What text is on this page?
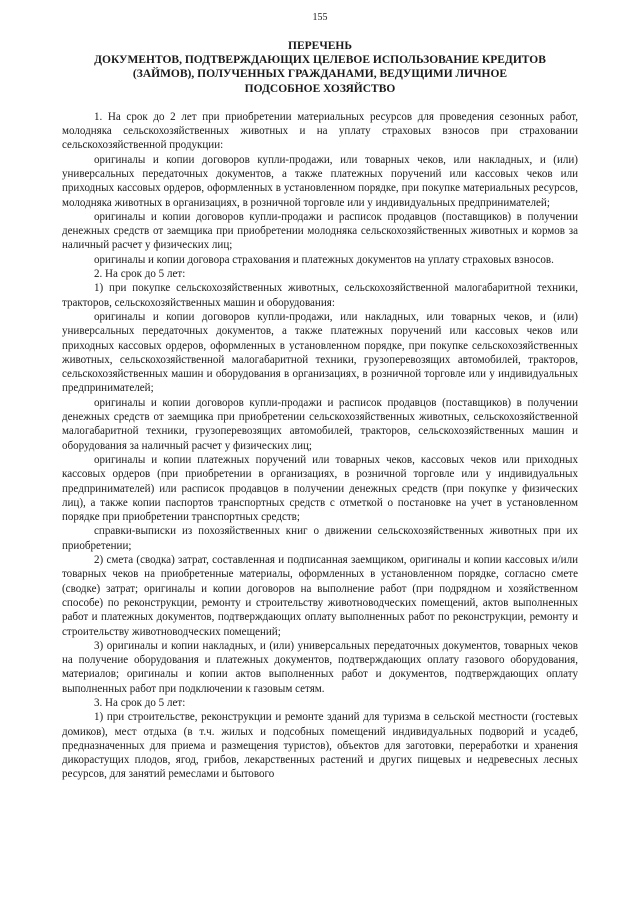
155
ПЕРЕЧЕНЬ
ДОКУМЕНТОВ, ПОДТВЕРЖДАЮЩИХ ЦЕЛЕВОЕ ИСПОЛЬЗОВАНИЕ КРЕДИТОВ
(ЗАЙМОВ), ПОЛУЧЕННЫХ ГРАЖДАНАМИ, ВЕДУЩИМИ ЛИЧНОЕ
ПОДСОБНОЕ ХОЗЯЙСТВО

1. На срок до 2 лет при приобретении материальных ресурсов для проведения сезонных работ, молодняка сельскохозяйственных животных и на уплату страховых взносов при страховании сельскохозяйственной продукции:

оригиналы и копии договоров купли-продажи, или товарных чеков, или накладных, и (или) универсальных передаточных документов, а также платежных поручений или кассовых чеков или приходных кассовых ордеров, оформленных в установленном порядке, при покупке материальных ресурсов, молодняка животных в организациях, в розничной торговле или у индивидуальных предпринимателей;

оригиналы и копии договоров купли-продажи и расписок продавцов (поставщиков) в получении денежных средств от заемщика при приобретении молодняка сельскохозяйственных животных и кормов за наличный расчет у физических лиц;

оригиналы и копии договора страхования и платежных документов на уплату страховых взносов.

2. На срок до 5 лет:

1) при покупке сельскохозяйственных животных, сельскохозяйственной малогабаритной техники, тракторов, сельскохозяйственных машин и оборудования:

оригиналы и копии договоров купли-продажи, или накладных, или товарных чеков, и (или) универсальных передаточных документов, а также платежных поручений или кассовых чеков или приходных кассовых ордеров, оформленных в установленном порядке, при покупке сельскохозяйственных животных, сельскохозяйственной малогабаритной техники, грузоперевозящих автомобилей, тракторов, сельскохозяйственных машин и оборудования в организациях, в розничной торговле или у индивидуальных предпринимателей;

оригиналы и копии договоров купли-продажи и расписок продавцов (поставщиков) в получении денежных средств от заемщика при приобретении сельскохозяйственных животных, сельскохозяйственной малогабаритной техники, грузоперевозящих автомобилей, тракторов, сельскохозяйственных машин и оборудования за наличный расчет у физических лиц;

оригиналы и копии платежных поручений или товарных чеков, кассовых чеков или приходных кассовых ордеров (при приобретении в организациях, в розничной торговле или у индивидуальных предпринимателей) или расписок продавцов в получении денежных средств (при покупке у физических лиц), а также копии паспортов транспортных средств с отметкой о постановке на учет в установленном порядке при приобретении транспортных средств;

справки-выписки из похозяйственных книг о движении сельскохозяйственных животных при их приобретении;

2) смета (сводка) затрат, составленная и подписанная заемщиком, оригиналы и копии кассовых и/или товарных чеков на приобретенные материалы, оформленных в установленном порядке, согласно смете (сводке) затрат; оригиналы и копии договоров на выполнение работ (при подрядном и хозяйственном способе) по реконструкции, ремонту и строительству животноводческих помещений, актов выполненных работ и платежных документов, подтверждающих оплату выполненных работ по реконструкции, ремонту и строительству животноводческих помещений;

3) оригиналы и копии накладных, и (или) универсальных передаточных документов, товарных чеков на получение оборудования и платежных документов, подтверждающих оплату газового оборудования, материалов; оригиналы и копии актов выполненных работ и документов, подтверждающих оплату выполненных работ при подключении к газовым сетям.

3. На срок до 5 лет:

1) при строительстве, реконструкции и ремонте зданий для туризма в сельской местности (гостевых домиков), мест отдыха (в т.ч. жилых и подсобных помещений индивидуальных подворий и усадеб, предназначенных для приема и размещения туристов), объектов для заготовки, переработки и хранения дикорастущих плодов, ягод, грибов, лекарственных растений и других пищевых и недревесных лесных ресурсов, для занятий ремеслами и бытового
